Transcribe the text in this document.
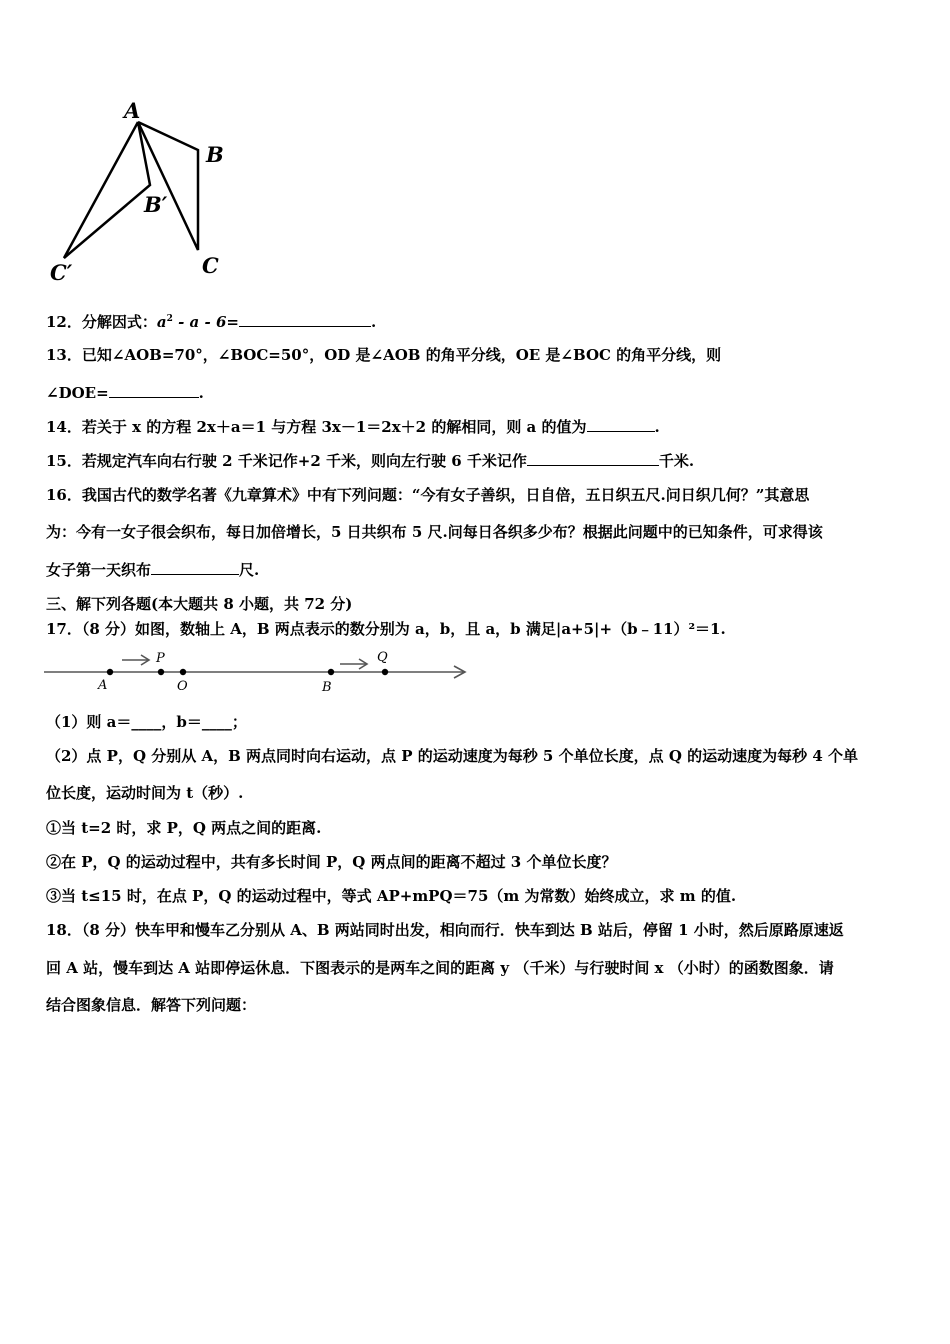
A
B
B′
C
C′
12．分解因式：$a^2 - a - 6=$	.
13．已知∠AOB=70°，∠BOC=50°，OD 是∠AOB 的角平分线，OE 是∠BOC 的角平分线，则
∠DOE=	.
14．若关于 x 的方程 2x＋a＝1 与方程 3x－1＝2x＋2 的解相同，则 a 的值为	.
15．若规定汽车向右行驶 2 千米记作+2 千米，则向左行驶 6 千米记作	千米.
16．我国古代的数学名著《九章算术》中有下列问题：“今有女子善织，日自倍，五日织五尺.问日织几何？”其意思
为：今有一女子很会织布，每日加倍增长，5 日共织布 5 尺.问每日各织多少布？根据此问题中的已知条件，可求得该
女子第一天织布	尺.
三、解下列各题(本大题共 8 小题，共 72 分)
17．（8 分）如图，数轴上 A，B 两点表示的数分别为 a，b，且 a，b 满足|a+5|+（b﹣11）²＝1.
A
P
O	B
Q
（1）则 a＝____，b＝____；
（2）点 P，Q 分别从 A，B 两点同时向右运动，点 P 的运动速度为每秒 5 个单位长度，点 Q 的运动速度为每秒 4 个单
位长度，运动时间为 t（秒）.
①当 t=2 时，求 P，Q 两点之间的距离.
②在 P，Q 的运动过程中，共有多长时间 P，Q 两点间的距离不超过 3 个单位长度？
③当 t≤15 时，在点 P，Q 的运动过程中，等式 AP+mPQ＝75（m 为常数）始终成立，求 m 的值.
18．（8 分）快车甲和慢车乙分别从 A、B 两站同时出发，相向而行．快车到达 B 站后，停留 1 小时，然后原路原速返
回 A 站，慢车到达 A 站即停运休息．下图表示的是两车之间的距离 y （千米）与行驶时间 x （小时）的函数图象．请
结合图象信息．解答下列问题：
